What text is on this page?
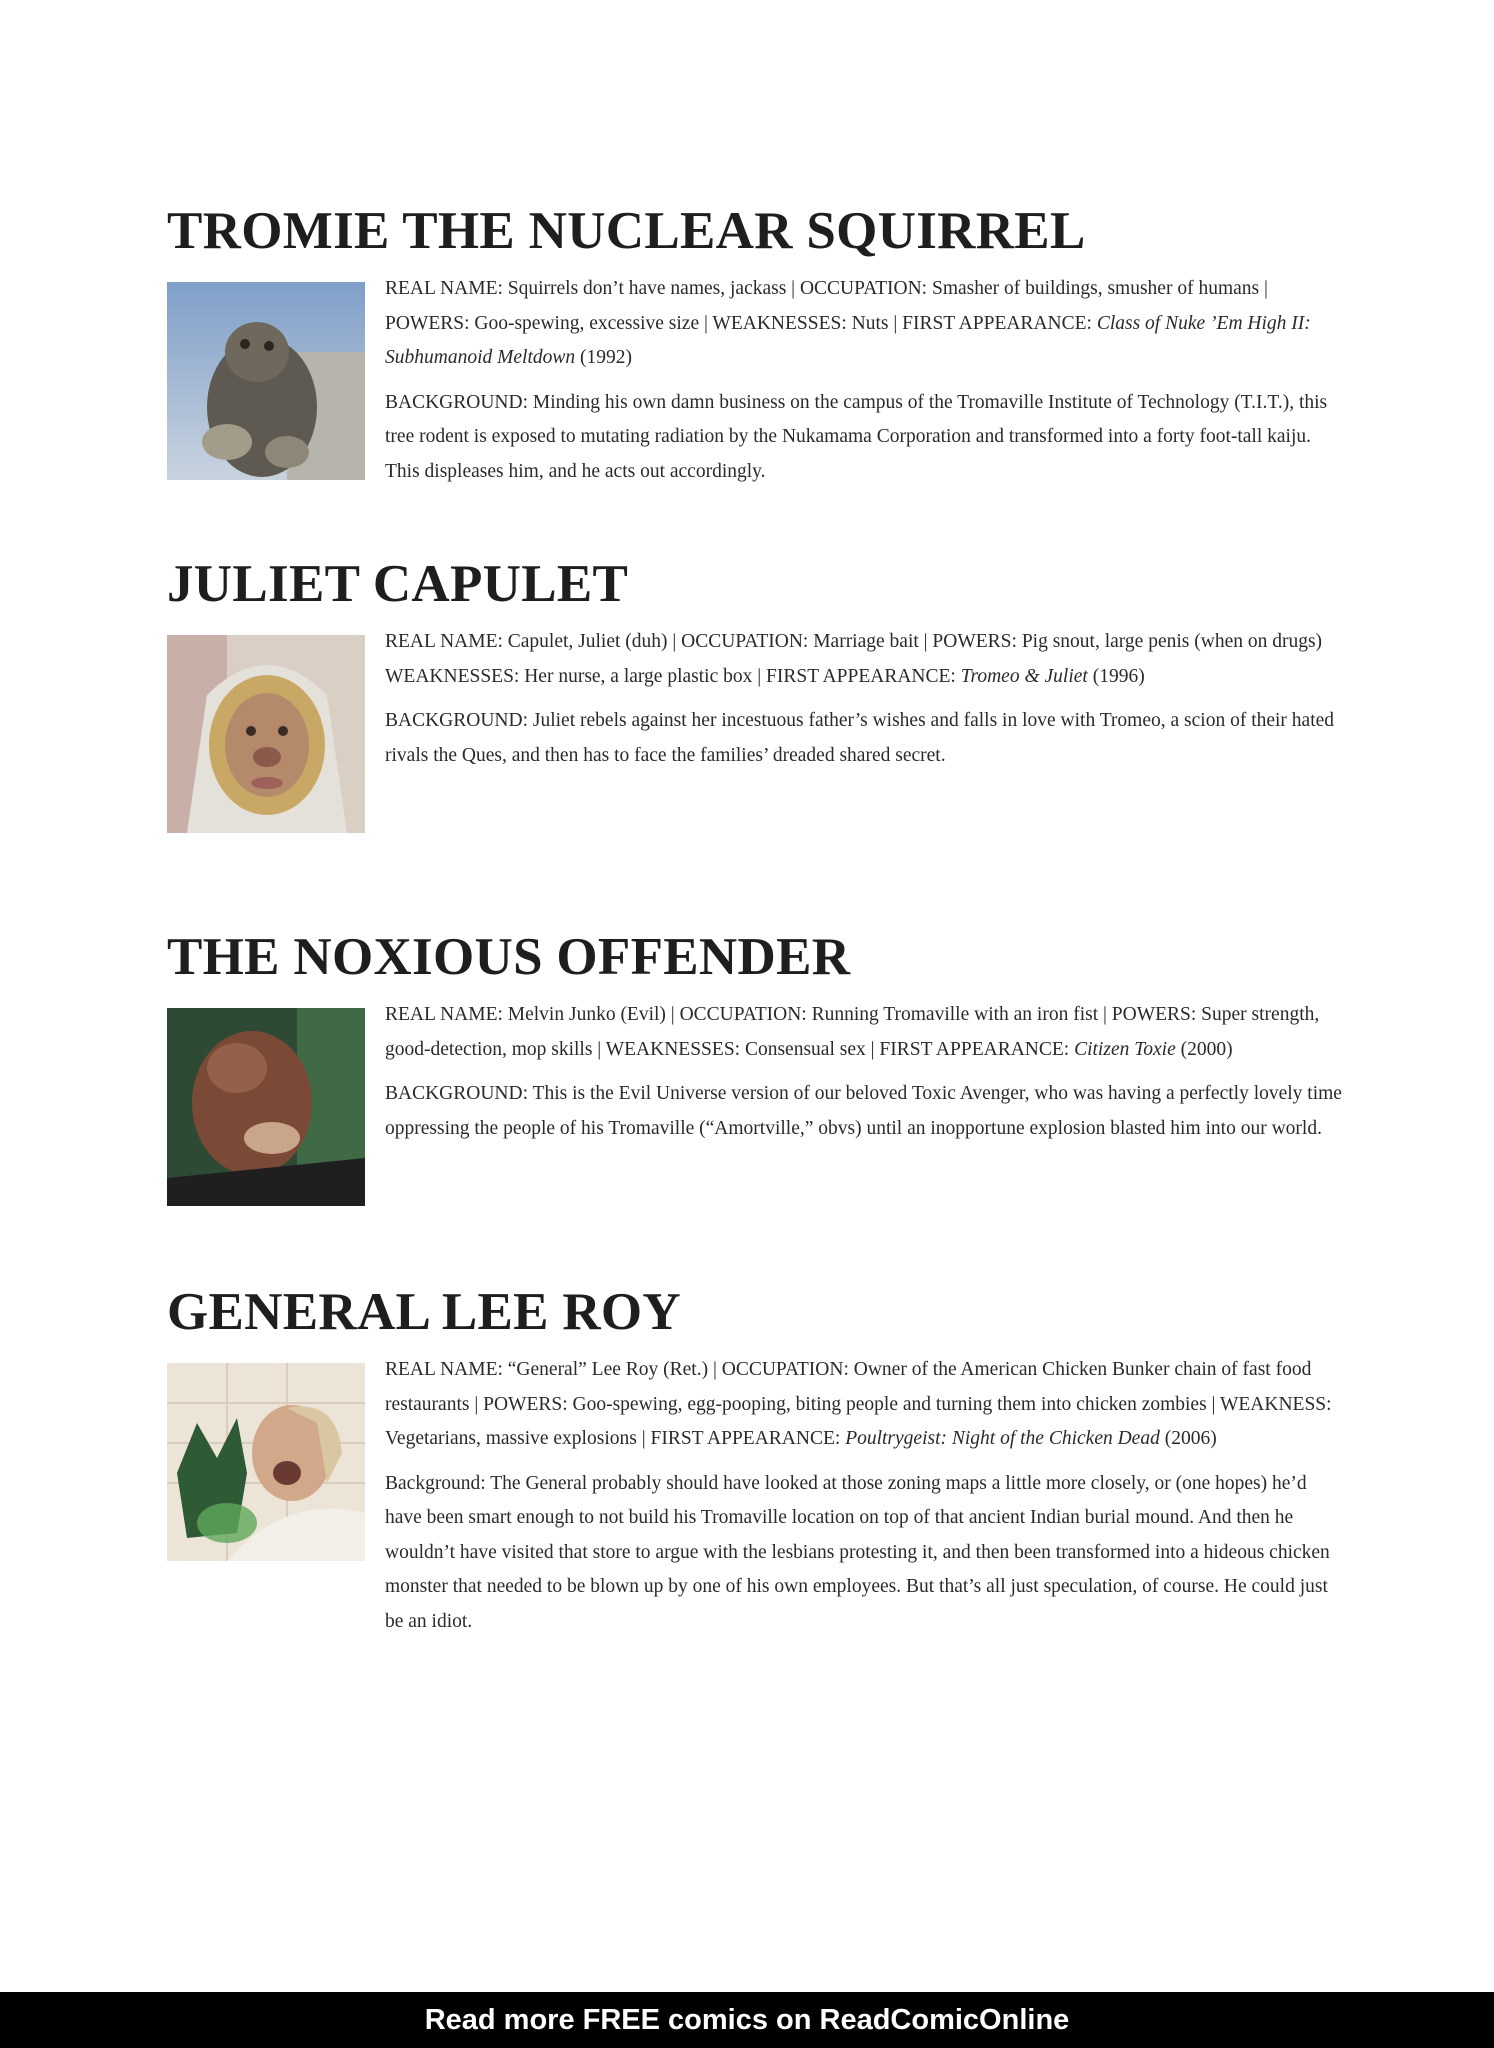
TROMIE THE NUCLEAR SQUIRREL

REAL NAME: Squirrels don’t have names, jackass | OCCUPATION: Smasher of buildings, smusher of humans | POWERS: Goo-spewing, excessive size | WEAKNESSES: Nuts | FIRST APPEARANCE: Class of Nuke ’Em High II: Subhumanoid Meltdown (1992)

BACKGROUND: Minding his own damn business on the campus of the Tromaville Institute of Technology (T.I.T.), this tree rodent is exposed to mutating radiation by the Nukamama Corporation and transformed into a forty foot-tall kaiju. This displeases him, and he acts out accordingly.

JULIET CAPULET

REAL NAME: Capulet, Juliet (duh) | OCCUPATION: Marriage bait | POWERS: Pig snout, large penis (when on drugs) WEAKNESSES: Her nurse, a large plastic box | FIRST APPEARANCE: Tromeo & Juliet (1996)

BACKGROUND: Juliet rebels against her incestuous father’s wishes and falls in love with Tromeo, a scion of their hated rivals the Ques, and then has to face the families’ dreaded shared secret.

THE NOXIOUS OFFENDER

REAL NAME: Melvin Junko (Evil) | OCCUPATION: Running Tromaville with an iron fist | POWERS: Super strength, good-detection, mop skills | WEAKNESSES: Consensual sex | FIRST APPEARANCE: Citizen Toxie (2000)

BACKGROUND: This is the Evil Universe version of our beloved Toxic Avenger, who was having a perfectly lovely time oppressing the people of his Tromaville (“Amortville,” obvs) until an inopportune explosion blasted him into our world.

GENERAL LEE ROY

REAL NAME: “General” Lee Roy (Ret.) | OCCUPATION: Owner of the American Chicken Bunker chain of fast food restaurants | POWERS: Goo-spewing, egg-pooping, biting people and turning them into chicken zombies | WEAKNESS: Vegetarians, massive explosions | FIRST APPEARANCE: Poultrygeist: Night of the Chicken Dead (2006)

Background: The General probably should have looked at those zoning maps a little more closely, or (one hopes) he’d have been smart enough to not build his Tromaville location on top of that ancient Indian burial mound. And then he wouldn’t have visited that store to argue with the lesbians protesting it, and then been transformed into a hideous chicken monster that needed to be blown up by one of his own employees. But that’s all just speculation, of course. He could just be an idiot.

Read more FREE comics on ReadComicOnline
